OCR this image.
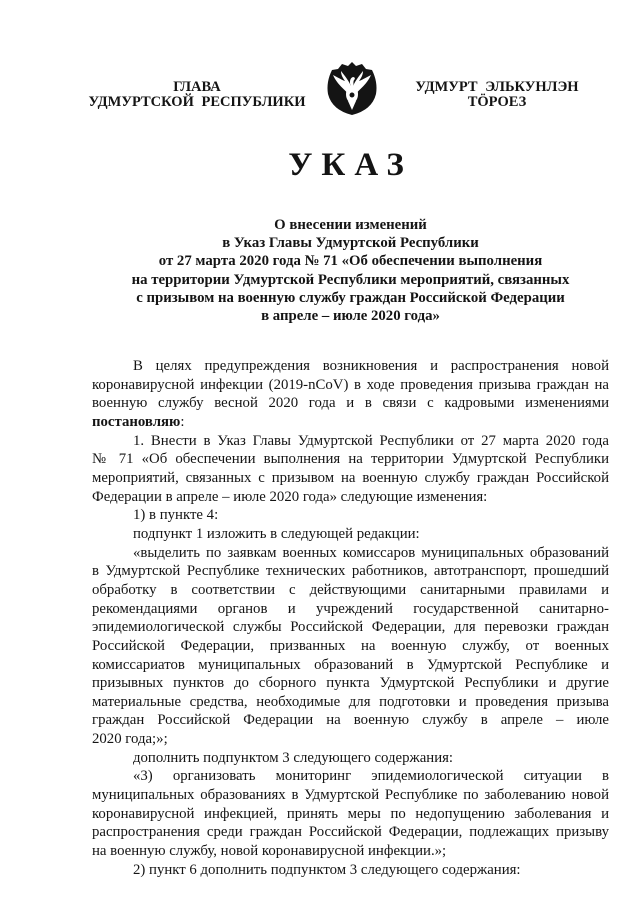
ГЛАВА
УДМУРТСКОЙ РЕСПУБЛИКИ
УДМУРТ ЭЛЬКУНЛЭН
ТӦРОЕЗ
УКАЗ
О внесении изменений
в Указ Главы Удмуртской Республики
от 27 марта 2020 года № 71 «Об обеспечении выполнения
на территории Удмуртской Республики мероприятий, связанных
с призывом на военную службу граждан Российской Федерации
в апреле – июле 2020 года»
В целях предупреждения возникновения и распространения новой
коронавирусной инфекции (2019-nCoV) в ходе проведения призыва граждан на
военную службу весной 2020 года и в связи с кадровыми изменениями
постановляю:
1. Внести в Указ Главы Удмуртской Республики от 27 марта 2020 года
№ 71 «Об обеспечении выполнения на территории Удмуртской Республики
мероприятий, связанных с призывом на военную службу граждан Российской
Федерации в апреле – июле 2020 года» следующие изменения:
1) в пункте 4:
подпункт 1 изложить в следующей редакции:
«выделить по заявкам военных комиссаров муниципальных образований
в Удмуртской Республике технических работников, автотранспорт, прошедший
обработку в соответствии с действующими санитарными правилами и
рекомендациями органов и учреждений государственной санитарно-
эпидемиологической службы Российской Федерации, для перевозки граждан
Российской Федерации, призванных на военную службу, от военных
комиссариатов муниципальных образований в Удмуртской Республике и
призывных пунктов до сборного пункта Удмуртской Республики и другие
материальные средства, необходимые для подготовки и проведения призыва
граждан Российской Федерации на военную службу в апреле – июле
2020 года;»;
дополнить подпунктом 3 следующего содержания:
«3) организовать мониторинг эпидемиологической ситуации в
муниципальных образованиях в Удмуртской Республике по заболеванию новой
коронавирусной инфекцией, принять меры по недопущению заболевания и
распространения среди граждан Российской Федерации, подлежащих призыву
на военную службу, новой коронавирусной инфекции.»;
2) пункт 6 дополнить подпунктом 3 следующего содержания:
